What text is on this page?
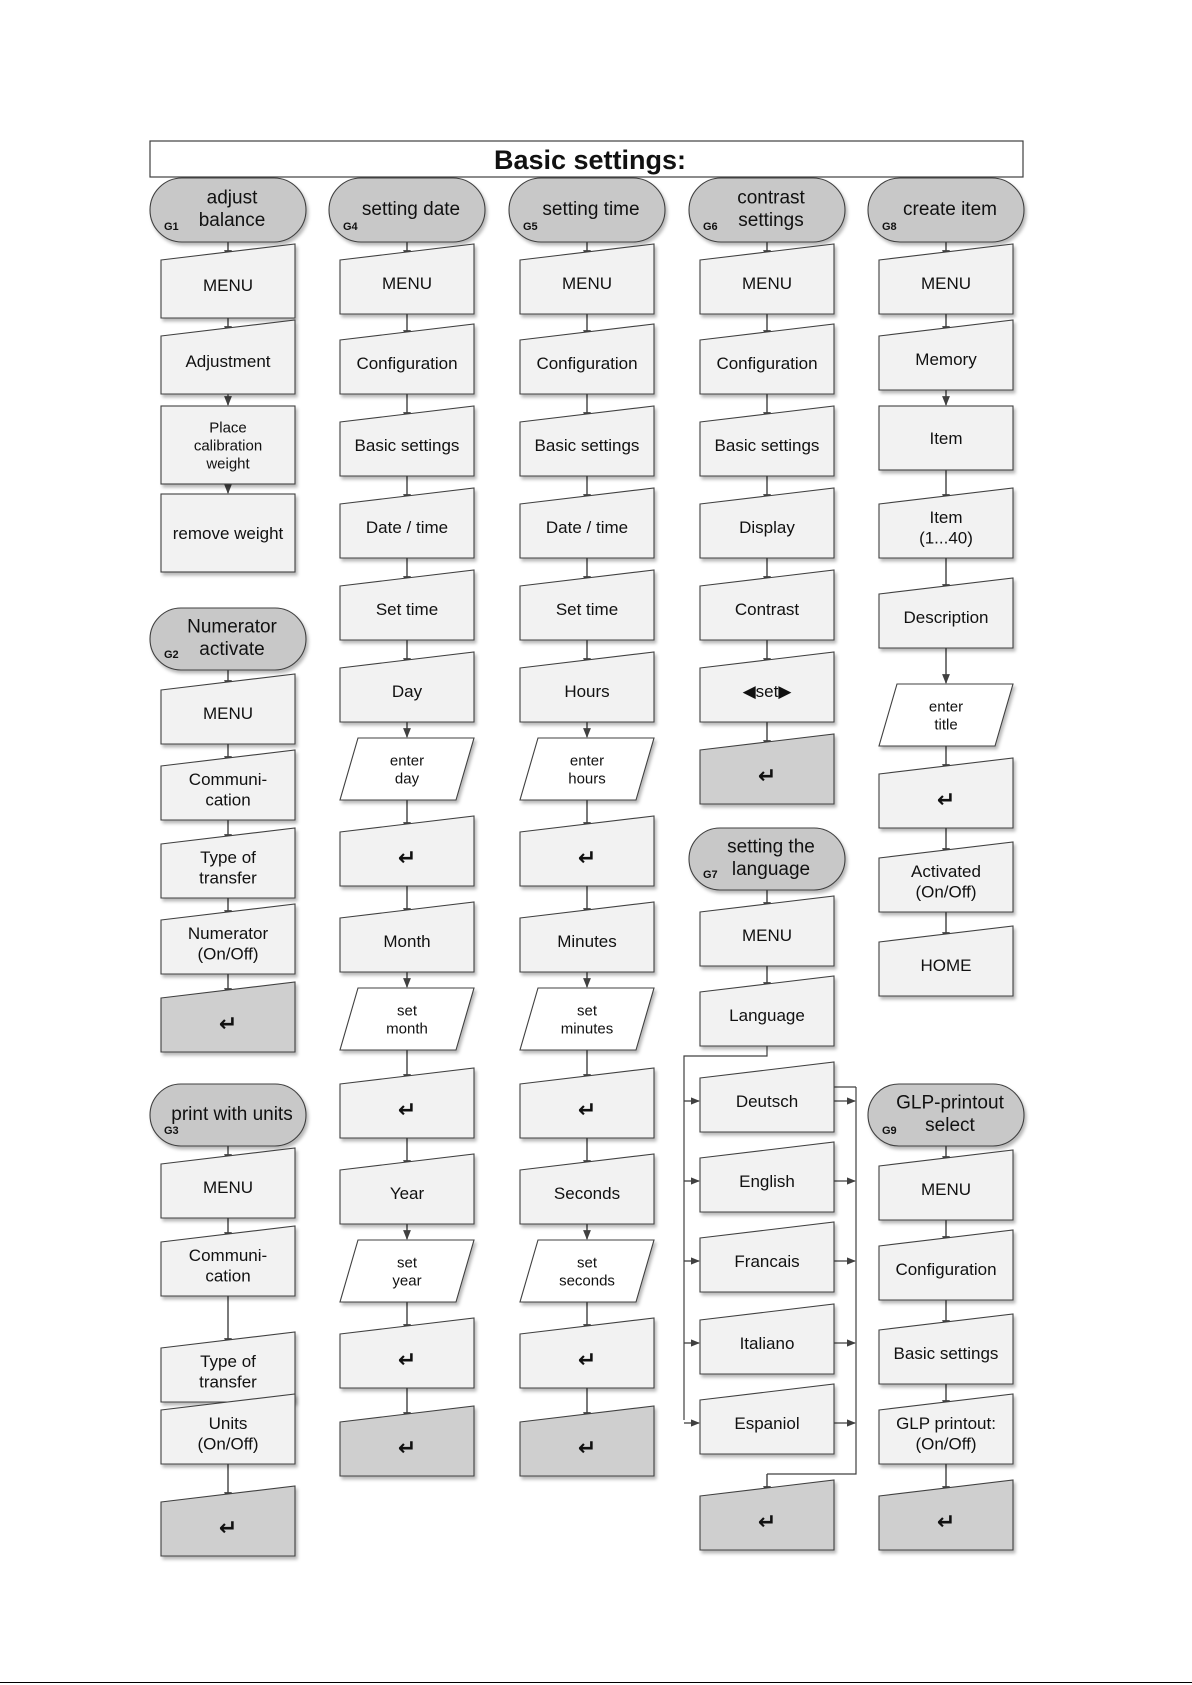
Basic settings:
adjust
balance
G1
MENU
Adjustment
Place
calibration
weight
remove weight
Numerator
activate
G2
MENU
Communi-
cation
Type of
transfer
Numerator
(On/Off)
↵
print with units
G3
MENU
Communi-
cation
Type of
transfer
Units
(On/Off)
↵
setting date
G4
MENU
Configuration
Basic settings
Date / time
Set time
Day
enter
day
↵
Month
set
month
↵
Year
set
year
↵
↵
setting time
G5
MENU
Configuration
Basic settings
Date / time
Set time
Hours
enter
hours
↵
Minutes
set
minutes
↵
Seconds
set
seconds
↵
↵
contrast
settings
G6
MENU
Configuration
Basic settings
Display
Contrast
◀set▶
↵
setting the
language
G7
MENU
Language
Deutsch
English
Francais
Italiano
Espaniol
↵
create item
G8
MENU
Memory
Item
Item
(1...40)
Description
enter
title
↵
Activated
(On/Off)
HOME
GLP-printout
select
G9
MENU
Configuration
Basic settings
GLP printout:
(On/Off)
↵
